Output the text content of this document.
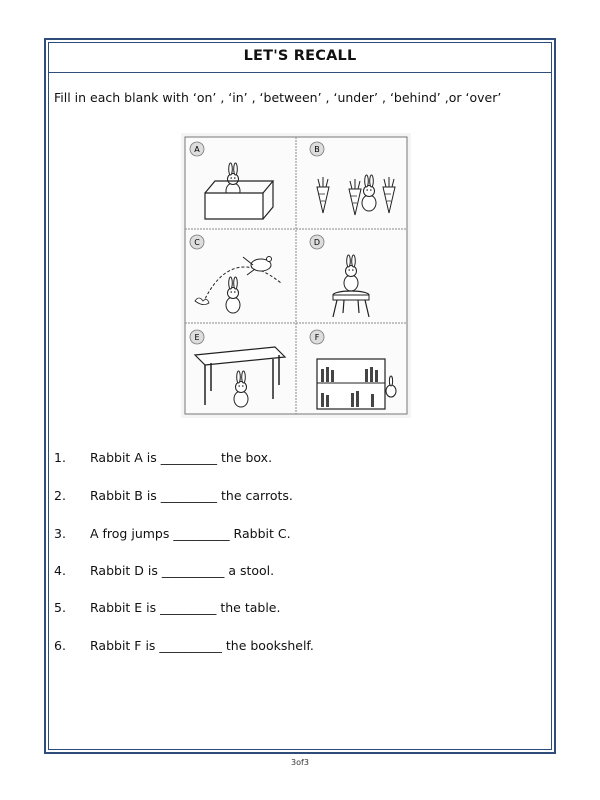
LET'S RECALL
Fill in each blank with ‘on’ , ‘in’ , ‘between’ , ‘under’ , ‘behind’ ,or ‘over’
A	B
C	D
E	F
1. Rabbit A is _________ the box.
2. Rabbit B is _________ the carrots.
3. A frog jumps _________ Rabbit C.
4. Rabbit D is __________ a stool.
5. Rabbit E is _________ the table.
6. Rabbit F is __________ the bookshelf.
3of3
